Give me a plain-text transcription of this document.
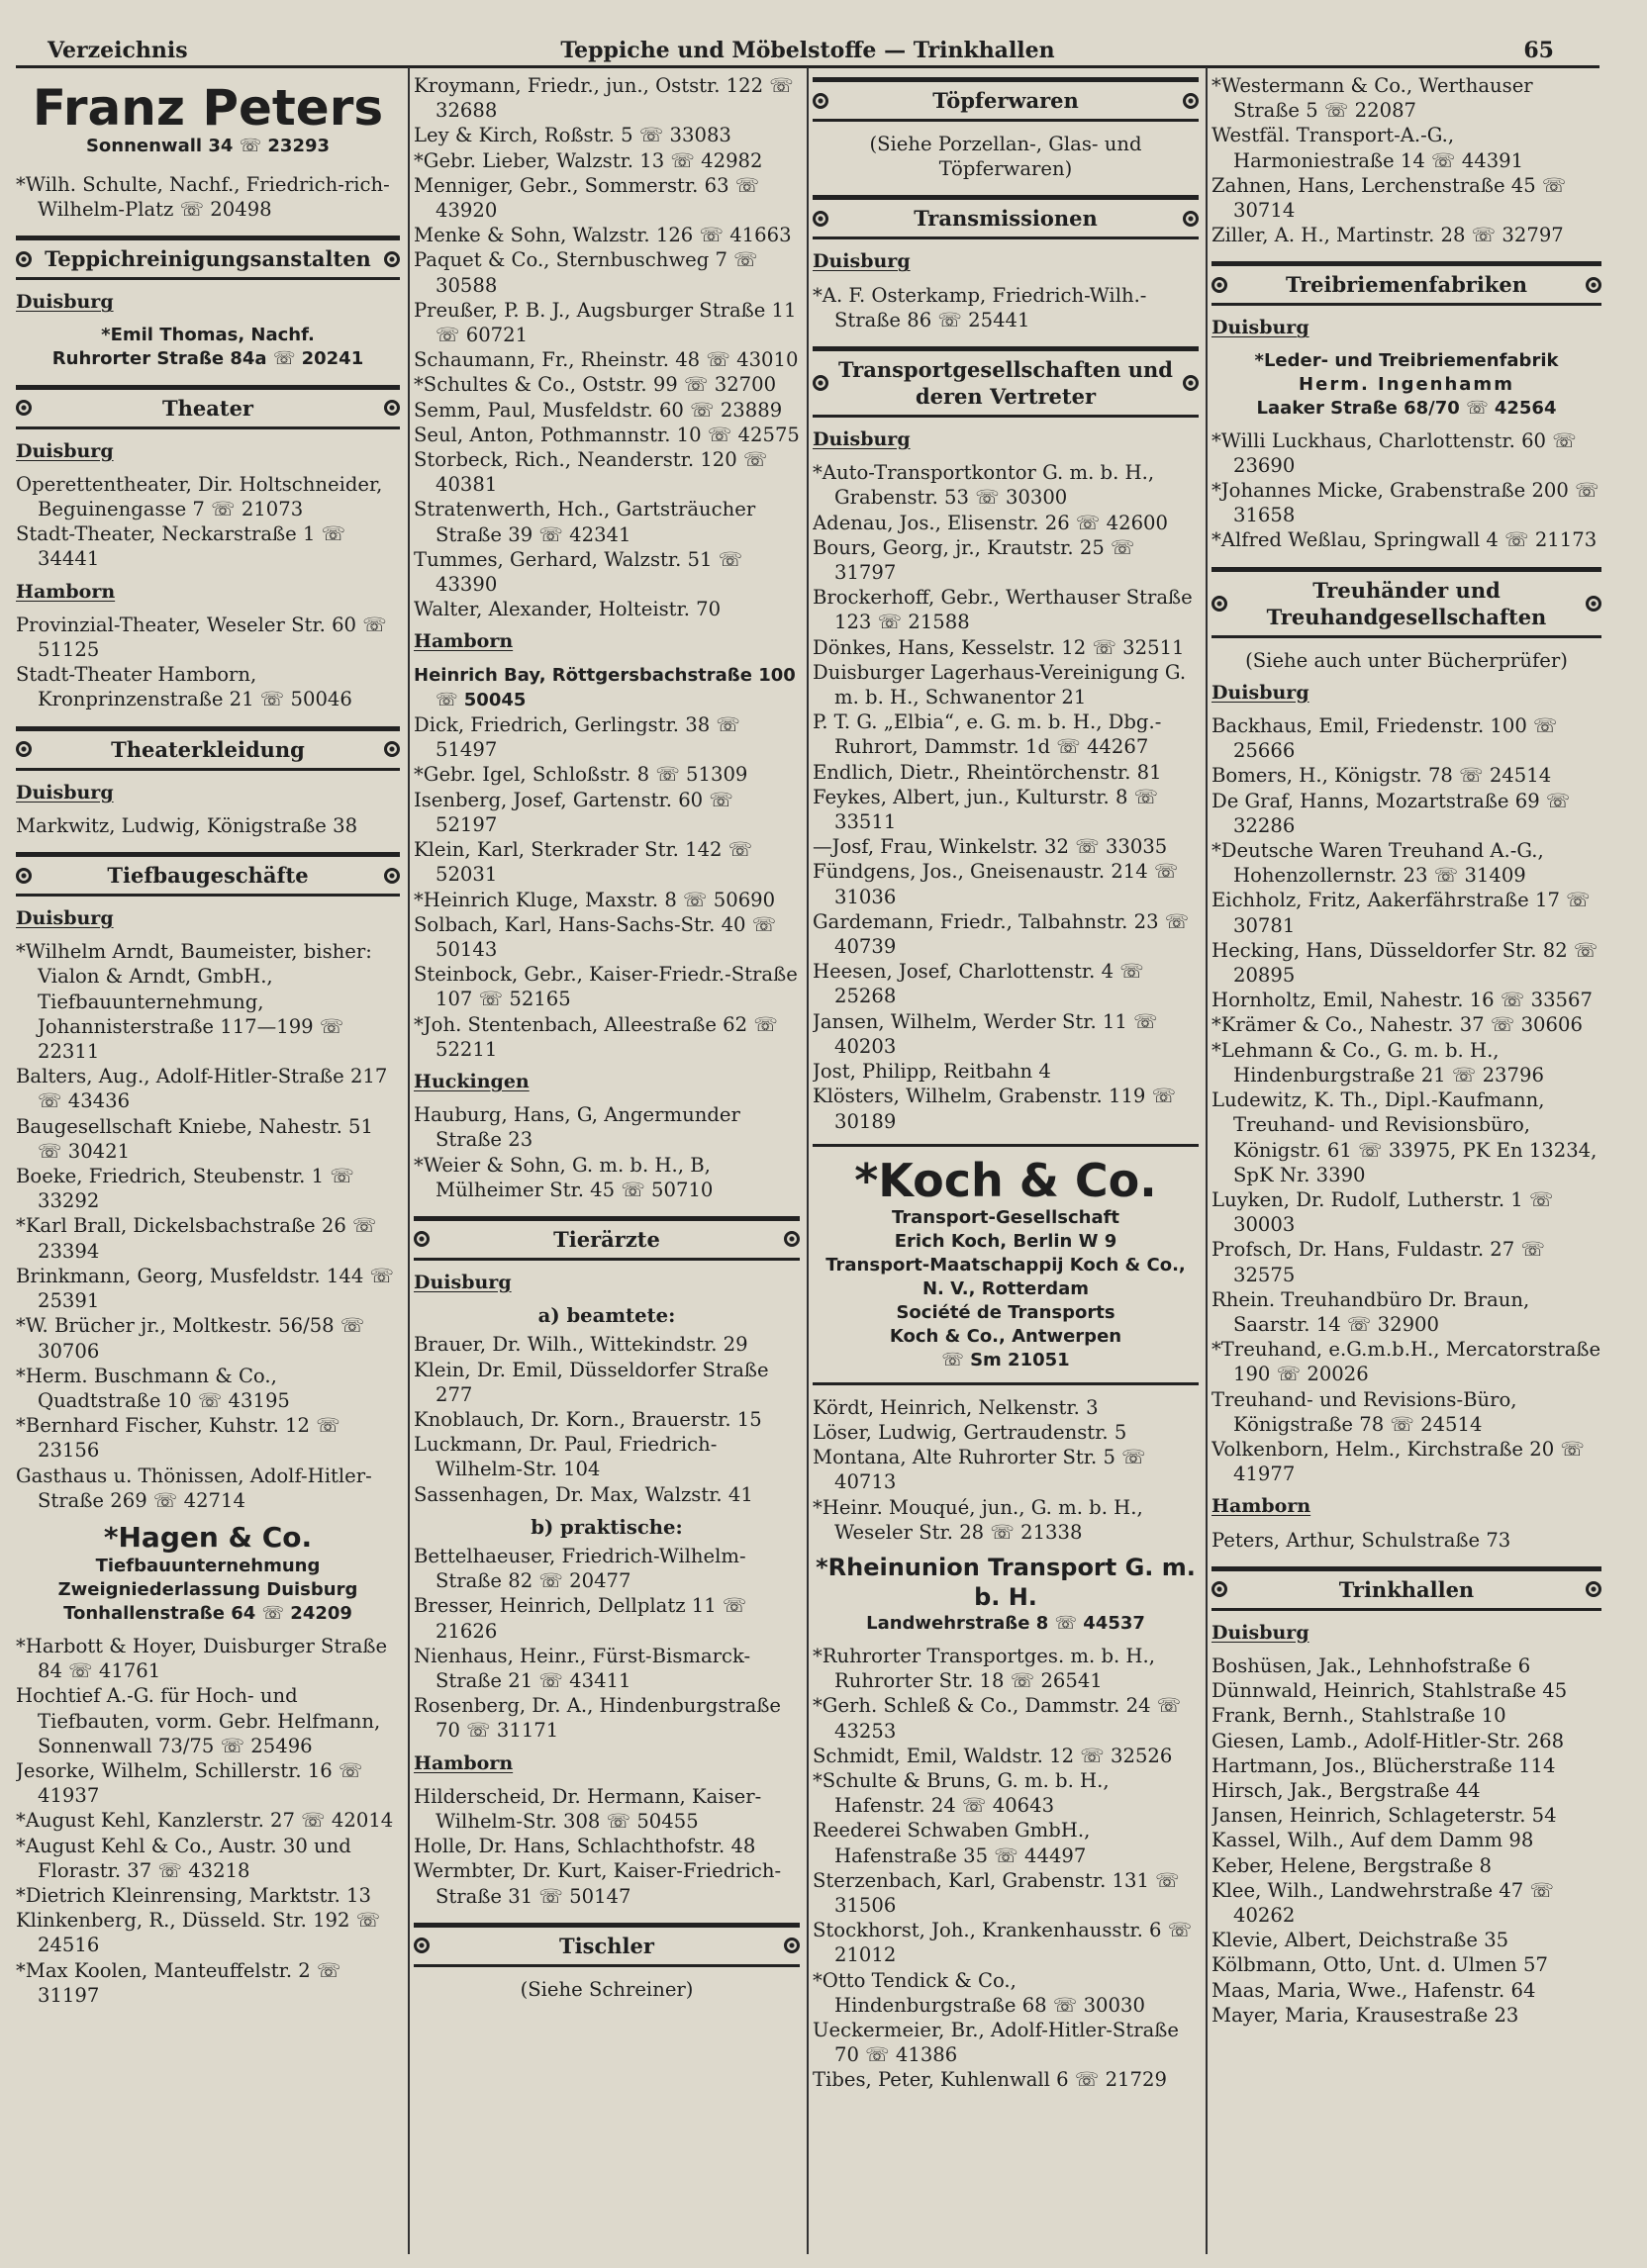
Verzeichnis	Teppiche und Möbelstoffe — Trinkhallen	65
Franz Peters
Sonnenwall 34 ☏ 23293

*Wilh. Schulte, Nachf., Friedrich-rich-Wilhelm-Platz ☏ 20498

Teppichreinigungsanstalten
Duisburg
*Emil Thomas, Nachf.
Ruhrorter Straße 84a ☏ 20241
Theater
Duisburg

Operettentheater, Dir. Holtschneider, Beguinengasse 7 ☏ 21073

Stadt-Theater, Neckarstraße 1 ☏ 34441

Hamborn

Provinzial-Theater, Weseler Str. 60 ☏ 51125

Stadt-Theater Hamborn, Kronprinzenstraße 21 ☏ 50046

Theaterkleidung
Duisburg

Markwitz, Ludwig, Königstraße 38

Tiefbaugeschäfte
Duisburg

*Wilhelm Arndt, Baumeister, bisher: Vialon & Arndt, GmbH., Tiefbauunternehmung, Johannisterstraße 117—199 ☏ 22311

Balters, Aug., Adolf-Hitler-Straße 217 ☏ 43436

Baugesellschaft Kniebe, Nahestr. 51 ☏ 30421

Boeke, Friedrich, Steubenstr. 1 ☏ 33292

*Karl Brall, Dickelsbachstraße 26 ☏ 23394

Brinkmann, Georg, Musfeldstr. 144 ☏ 25391

*W. Brücher jr., Moltkestr. 56/58 ☏ 30706

*Herm. Buschmann & Co., Quadtstraße 10 ☏ 43195

*Bernhard Fischer, Kuhstr. 12 ☏ 23156

Gasthaus u. Thönissen, Adolf-Hitler-Straße 269 ☏ 42714

*Hagen & Co.
Tiefbauunternehmung
Zweigniederlassung Duisburg
Tonhallenstraße 64 ☏ 24209

*Harbott & Hoyer, Duisburger Straße 84 ☏ 41761

Hochtief A.-G. für Hoch- und Tiefbauten, vorm. Gebr. Helfmann, Sonnenwall 73/75 ☏ 25496

Jesorke, Wilhelm, Schillerstr. 16 ☏ 41937

*August Kehl, Kanzlerstr. 27 ☏ 42014

*August Kehl & Co., Austr. 30 und Florastr. 37 ☏ 43218

*Dietrich Kleinrensing, Marktstr. 13

Klinkenberg, R., Düsseld. Str. 192 ☏ 24516

*Max Koolen, Manteuffelstr. 2 ☏ 31197

Kroymann, Friedr., jun., Oststr. 122 ☏ 32688

Ley & Kirch, Roßstr. 5 ☏ 33083

*Gebr. Lieber, Walzstr. 13 ☏ 42982

Menniger, Gebr., Sommerstr. 63 ☏ 43920

Menke & Sohn, Walzstr. 126 ☏ 41663

Paquet & Co., Sternbuschweg 7 ☏ 30588

Preußer, P. B. J., Augsburger Straße 11 ☏ 60721

Schaumann, Fr., Rheinstr. 48 ☏ 43010

*Schultes & Co., Oststr. 99 ☏ 32700

Semm, Paul, Musfeldstr. 60 ☏ 23889

Seul, Anton, Pothmannstr. 10 ☏ 42575

Storbeck, Rich., Neanderstr. 120 ☏ 40381

Stratenwerth, Hch., Gartsträucher Straße 39 ☏ 42341

Tummes, Gerhard, Walzstr. 51 ☏ 43390

Walter, Alexander, Holteistr. 70

Hamborn

Heinrich Bay, Röttgersbachstraße 100 ☏ 50045

Dick, Friedrich, Gerlingstr. 38 ☏ 51497

*Gebr. Igel, Schloßstr. 8 ☏ 51309

Isenberg, Josef, Gartenstr. 60 ☏ 52197

Klein, Karl, Sterkrader Str. 142 ☏ 52031

*Heinrich Kluge, Maxstr. 8 ☏ 50690

Solbach, Karl, Hans-Sachs-Str. 40 ☏ 50143

Steinbock, Gebr., Kaiser-Friedr.-Straße 107 ☏ 52165

*Joh. Stentenbach, Alleestraße 62 ☏ 52211

Huckingen

Hauburg, Hans, G, Angermunder Straße 23

*Weier & Sohn, G. m. b. H., B, Mülheimer Str. 45 ☏ 50710

Tierärzte
Duisburg
a) beamtete:

Brauer, Dr. Wilh., Wittekindstr. 29

Klein, Dr. Emil, Düsseldorfer Straße 277

Knoblauch, Dr. Korn., Brauerstr. 15

Luckmann, Dr. Paul, Friedrich-Wilhelm-Str. 104

Sassenhagen, Dr. Max, Walzstr. 41

b) praktische:

Bettelhaeuser, Friedrich-Wilhelm-Straße 82 ☏ 20477

Bresser, Heinrich, Dellplatz 11 ☏ 21626

Nienhaus, Heinr., Fürst-Bismarck-Straße 21 ☏ 43411

Rosenberg, Dr. A., Hindenburgstraße 70 ☏ 31171

Hamborn

Hilderscheid, Dr. Hermann, Kaiser-Wilhelm-Str. 308 ☏ 50455

Holle, Dr. Hans, Schlachthofstr. 48

Wermbter, Dr. Kurt, Kaiser-Friedrich-Straße 31 ☏ 50147

Tischler
(Siehe Schreiner)
Töpferwaren
(Siehe Porzellan-, Glas- und Töpferwaren)
Transmissionen
Duisburg

*A. F. Osterkamp, Friedrich-Wilh.-Straße 86 ☏ 25441

Transportgesellschaften und deren Vertreter
Duisburg

*Auto-Transportkontor G. m. b. H., Grabenstr. 53 ☏ 30300

Adenau, Jos., Elisenstr. 26 ☏ 42600

Bours, Georg, jr., Krautstr. 25 ☏ 31797

Brockerhoff, Gebr., Werthauser Straße 123 ☏ 21588

Dönkes, Hans, Kesselstr. 12 ☏ 32511

Duisburger Lagerhaus-Vereinigung G. m. b. H., Schwanentor 21

P. T. G. „Elbia“, e. G. m. b. H., Dbg.-Ruhrort, Dammstr. 1d ☏ 44267

Endlich, Dietr., Rheintörchenstr. 81

Feykes, Albert, jun., Kulturstr. 8 ☏ 33511

—Josf, Frau, Winkelstr. 32 ☏ 33035

Fündgens, Jos., Gneisenaustr. 214 ☏ 31036

Gardemann, Friedr., Talbahnstr. 23 ☏ 40739

Heesen, Josef, Charlottenstr. 4 ☏ 25268

Jansen, Wilhelm, Werder Str. 11 ☏ 40203

Jost, Philipp, Reitbahn 4

Klösters, Wilhelm, Grabenstr. 119 ☏ 30189

*Koch & Co.
Transport-Gesellschaft
Erich Koch, Berlin W 9
Transport-Maatschappij Koch & Co.,
N. V., Rotterdam
Société de Transports
Koch & Co., Antwerpen
☏ Sm 21051

Kördt, Heinrich, Nelkenstr. 3

Löser, Ludwig, Gertraudenstr. 5

Montana, Alte Ruhrorter Str. 5 ☏ 40713

*Heinr. Mouqué, jun., G. m. b. H., Weseler Str. 28 ☏ 21338

*Rheinunion Transport G. m. b. H.
Landwehrstraße 8 ☏ 44537

*Ruhrorter Transportges. m. b. H., Ruhrorter Str. 18 ☏ 26541

*Gerh. Schleß & Co., Dammstr. 24 ☏ 43253

Schmidt, Emil, Waldstr. 12 ☏ 32526

*Schulte & Bruns, G. m. b. H., Hafenstr. 24 ☏ 40643

Reederei Schwaben GmbH., Hafenstraße 35 ☏ 44497

Sterzenbach, Karl, Grabenstr. 131 ☏ 31506

Stockhorst, Joh., Krankenhausstr. 6 ☏ 21012

*Otto Tendick & Co., Hindenburgstraße 68 ☏ 30030

Ueckermeier, Br., Adolf-Hitler-Straße 70 ☏ 41386

Tibes, Peter, Kuhlenwall 6 ☏ 21729

*Westermann & Co., Werthauser Straße 5 ☏ 22087

Westfäl. Transport-A.-G., Harmoniestraße 14 ☏ 44391

Zahnen, Hans, Lerchenstraße 45 ☏ 30714

Ziller, A. H., Martinstr. 28 ☏ 32797

Treibriemenfabriken
Duisburg
*Leder- und Treibriemenfabrik
Herm. Ingenhamm
Laaker Straße 68/70 ☏ 42564

*Willi Luckhaus, Charlottenstr. 60 ☏ 23690

*Johannes Micke, Grabenstraße 200 ☏ 31658

*Alfred Weßlau, Springwall 4 ☏ 21173

Treuhänder und Treuhandgesellschaften
(Siehe auch unter Bücherprüfer)
Duisburg

Backhaus, Emil, Friedenstr. 100 ☏ 25666

Bomers, H., Königstr. 78 ☏ 24514

De Graf, Hanns, Mozartstraße 69 ☏ 32286

*Deutsche Waren Treuhand A.-G., Hohenzollernstr. 23 ☏ 31409

Eichholz, Fritz, Aakerfährstraße 17 ☏ 30781

Hecking, Hans, Düsseldorfer Str. 82 ☏ 20895

Hornholtz, Emil, Nahestr. 16 ☏ 33567

*Krämer & Co., Nahestr. 37 ☏ 30606

*Lehmann & Co., G. m. b. H., Hindenburgstraße 21 ☏ 23796

Ludewitz, K. Th., Dipl.-Kaufmann, Treuhand- und Revisionsbüro, Königstr. 61 ☏ 33975, PK En 13234, SpK Nr. 3390

Luyken, Dr. Rudolf, Lutherstr. 1 ☏ 30003

Profsch, Dr. Hans, Fuldastr. 27 ☏ 32575

Rhein. Treuhandbüro Dr. Braun, Saarstr. 14 ☏ 32900

*Treuhand, e.G.m.b.H., Mercatorstraße 190 ☏ 20026

Treuhand- und Revisions-Büro, Königstraße 78 ☏ 24514

Volkenborn, Helm., Kirchstraße 20 ☏ 41977

Hamborn

Peters, Arthur, Schulstraße 73

Trinkhallen
Duisburg

Boshüsen, Jak., Lehnhofstraße 6

Dünnwald, Heinrich, Stahlstraße 45

Frank, Bernh., Stahlstraße 10

Giesen, Lamb., Adolf-Hitler-Str. 268

Hartmann, Jos., Blücherstraße 114

Hirsch, Jak., Bergstraße 44

Jansen, Heinrich, Schlageterstr. 54

Kassel, Wilh., Auf dem Damm 98

Keber, Helene, Bergstraße 8

Klee, Wilh., Landwehrstraße 47 ☏ 40262

Klevie, Albert, Deichstraße 35

Kölbmann, Otto, Unt. d. Ulmen 57

Maas, Maria, Wwe., Hafenstr. 64

Mayer, Maria, Krausestraße 23
